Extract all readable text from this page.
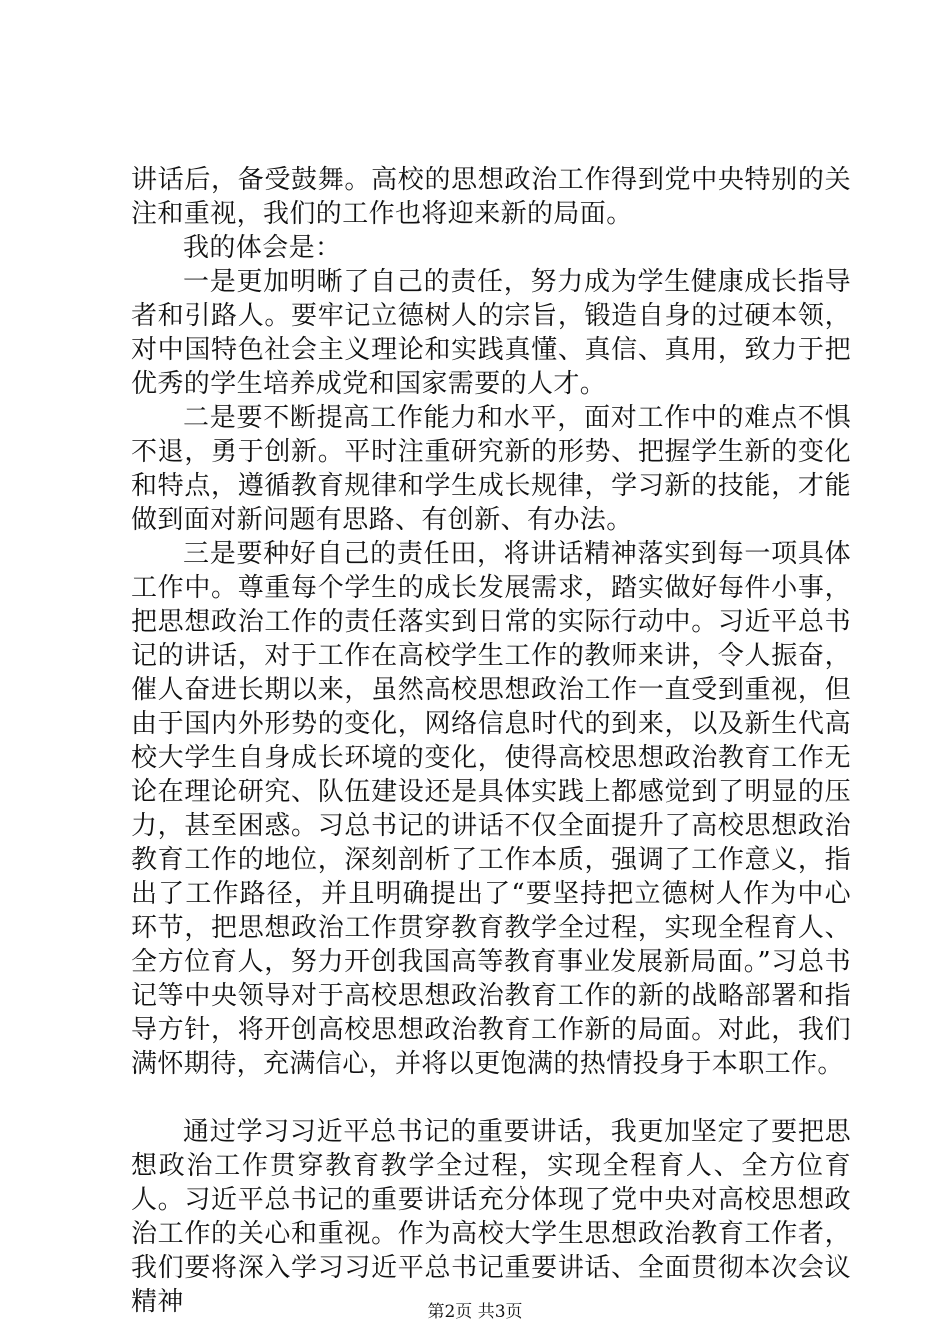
讲话后，备受鼓舞。高校的思想政治工作得到党中央特别的关注和重视，我们的工作也将迎来新的局面。

我的体会是：

一是更加明晰了自己的责任，努力成为学生健康成长指导者和引路人。要牢记立德树人的宗旨，锻造自身的过硬本领，对中国特色社会主义理论和实践真懂、真信、真用，致力于把优秀的学生培养成党和国家需要的人才。

二是要不断提高工作能力和水平，面对工作中的难点不惧不退，勇于创新。平时注重研究新的形势、把握学生新的变化和特点，遵循教育规律和学生成长规律，学习新的技能，才能做到面对新问题有思路、有创新、有办法。

三是要种好自己的责任田，将讲话精神落实到每一项具体工作中。尊重每个学生的成长发展需求，踏实做好每件小事，把思想政治工作的责任落实到日常的实际行动中。习近平总书记的讲话，对于工作在高校学生工作的教师来讲，令人振奋，催人奋进长期以来，虽然高校思想政治工作一直受到重视，但由于国内外形势的变化，网络信息时代的到来，以及新生代高校大学生自身成长环境的变化，使得高校思想政治教育工作无论在理论研究、队伍建设还是具体实践上都感觉到了明显的压力，甚至困惑。习总书记的讲话不仅全面提升了高校思想政治教育工作的地位，深刻剖析了工作本质，强调了工作意义，指出了工作路径，并且明确提出了“要坚持把立德树人作为中心环节，把思想政治工作贯穿教育教学全过程，实现全程育人、全方位育人，努力开创我国高等教育事业发展新局面。”习总书记等中央领导对于高校思想政治教育工作的新的战略部署和指导方针，将开创高校思想政治教育工作新的局面。对此，我们满怀期待，充满信心，并将以更饱满的热情投身于本职工作。

通过学习习近平总书记的重要讲话，我更加坚定了要把思想政治工作贯穿教育教学全过程，实现全程育人、全方位育人。习近平总书记的重要讲话充分体现了党中央对高校思想政治工作的关心和重视。作为高校大学生思想政治教育工作者，我们要将深入学习习近平总书记重要讲话、全面贯彻本次会议精神	第2页 共3页
